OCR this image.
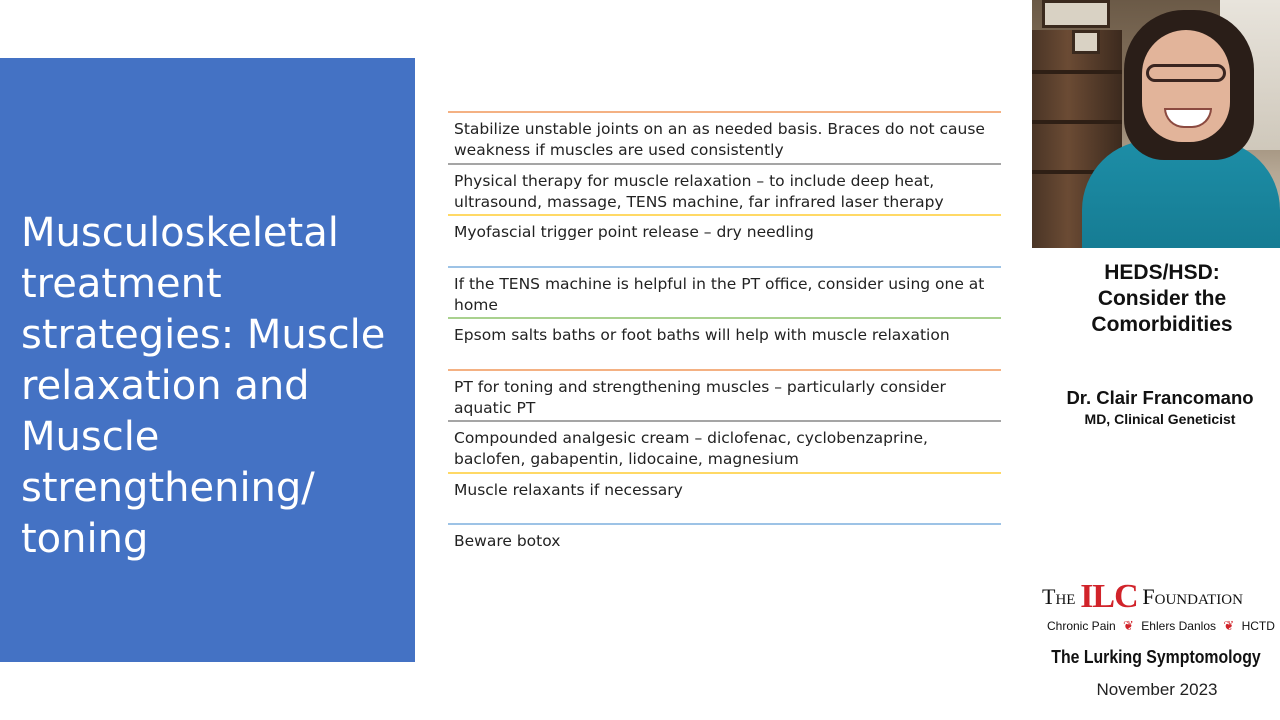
Musculoskeletal treatment strategies: Muscle relaxation and Muscle strengthening/ toning
Stabilize unstable joints on an as needed basis. Braces do not cause weakness if muscles are used consistently
Physical therapy for muscle relaxation – to include deep heat, ultrasound, massage, TENS machine, far infrared laser therapy
Myofascial trigger point release – dry needling
If the TENS machine is helpful in the PT office, consider using one at home
Epsom salts baths or foot baths will help with muscle relaxation
PT for toning and strengthening muscles – particularly consider aquatic PT
Compounded analgesic cream – diclofenac, cyclobenzaprine, baclofen, gabapentin, lidocaine, magnesium
Muscle relaxants if necessary
Beware botox
HEDS/HSD:
Consider the
Comorbidities
Dr. Clair Francomano
MD, Clinical Geneticist
The ILC Foundation
Chronic Pain ❦ Ehlers Danlos ❦ HCTD
The Lurking Symptomology
November 2023
